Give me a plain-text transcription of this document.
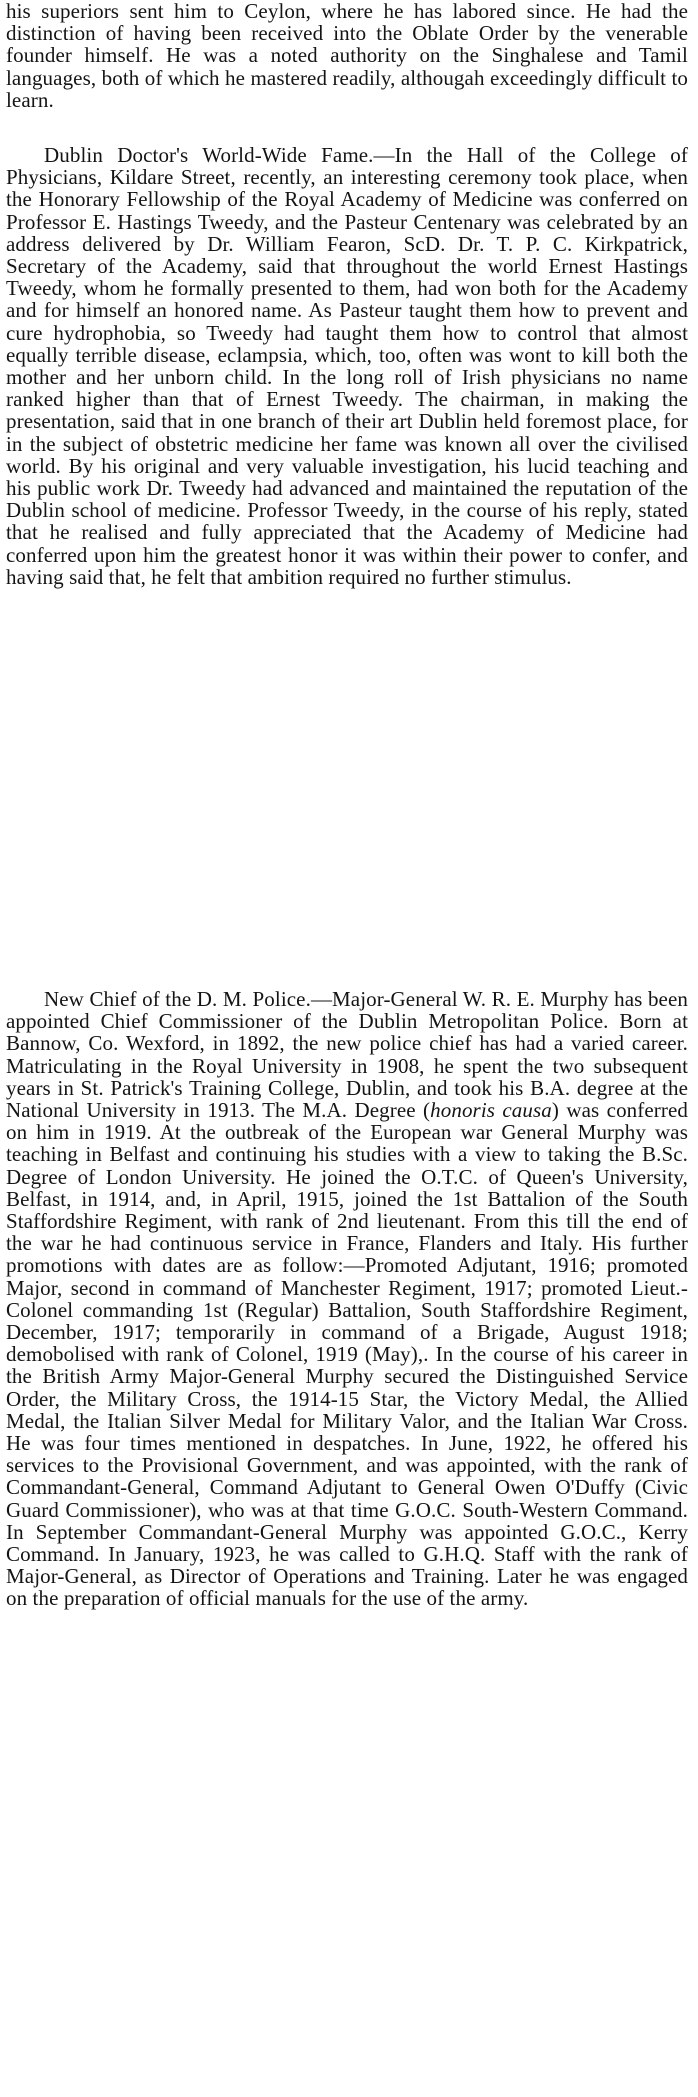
his superiors sent him to Ceylon, where he has labored since. He had the distinction of having been received into the Oblate Order by the venerable founder himself. He was a noted authority on the Singhalese and Tamil languages, both of which he mastered readily, althougah exceedingly difficult to learn.

Dublin Doctor's World-Wide Fame.—In the Hall of the College of Physicians, Kildare Street, recently, an interesting ceremony took place, when the Honorary Fellowship of the Royal Academy of Medicine was conferred on Professor E. Hastings Tweedy, and the Pasteur Centenary was celebrated by an address delivered by Dr. William Fearon, ScD. Dr. T. P. C. Kirkpatrick, Secretary of the Academy, said that throughout the world Ernest Hastings Tweedy, whom he formally presented to them, had won both for the Academy and for himself an honored name. As Pasteur taught them how to prevent and cure hydrophobia, so Tweedy had taught them how to control that almost equally terrible disease, eclampsia, which, too, often was wont to kill both the mother and her unborn child. In the long roll of Irish physicians no name ranked higher than that of Ernest Tweedy. The chairman, in making the presentation, said that in one branch of their art Dublin held foremost place, for in the subject of obstetric medicine her fame was known all over the civilised world. By his original and very valuable investigation, his lucid teaching and his public work Dr. Tweedy had advanced and maintained the reputation of the Dublin school of medicine. Professor Tweedy, in the course of his reply, stated that he realised and fully appreciated that the Academy of Medicine had conferred upon him the greatest honor it was within their power to confer, and having said that, he felt that ambition required no further stimulus.

New Chief of the D. M. Police.—Major-General W. R. E. Murphy has been appointed Chief Commissioner of the Dublin Metropolitan Police. Born at Bannow, Co. Wexford, in 1892, the new police chief has had a varied career. Matriculating in the Royal University in 1908, he spent the two subsequent years in St. Patrick's Training College, Dublin, and took his B.A. degree at the National University in 1913. The M.A. Degree (honoris causa) was conferred on him in 1919. At the outbreak of the European war General Murphy was teaching in Belfast and continuing his studies with a view to taking the B.Sc. Degree of London University. He joined the O.T.C. of Queen's University, Belfast, in 1914, and, in April, 1915, joined the 1st Battalion of the South Staffordshire Regiment, with rank of 2nd lieutenant. From this till the end of the war he had continuous service in France, Flanders and Italy. His further promotions with dates are as follow:—Promoted Adjutant, 1916; promoted Major, second in command of Manchester Regiment, 1917; promoted Lieut.-Colonel commanding 1st (Regular) Battalion, South Staffordshire Regiment, December, 1917; temporarily in command of a Brigade, August 1918; demobolised with rank of Colonel, 1919 (May),. In the course of his career in the British Army Major-General Murphy secured the Distinguished Service Order, the Military Cross, the 1914-15 Star, the Victory Medal, the Allied Medal, the Italian Silver Medal for Military Valor, and the Italian War Cross. He was four times mentioned in despatches. In June, 1922, he offered his services to the Provisional Government, and was appointed, with the rank of Commandant-General, Command Adjutant to General Owen O'Duffy (Civic Guard Commissioner), who was at that time G.O.C. South-Western Command. In September Commandant-General Murphy was appointed G.O.C., Kerry Command. In January, 1923, he was called to G.H.Q. Staff with the rank of Major-General, as Director of Operations and Training. Later he was engaged on the preparation of official manuals for the use of the army.
